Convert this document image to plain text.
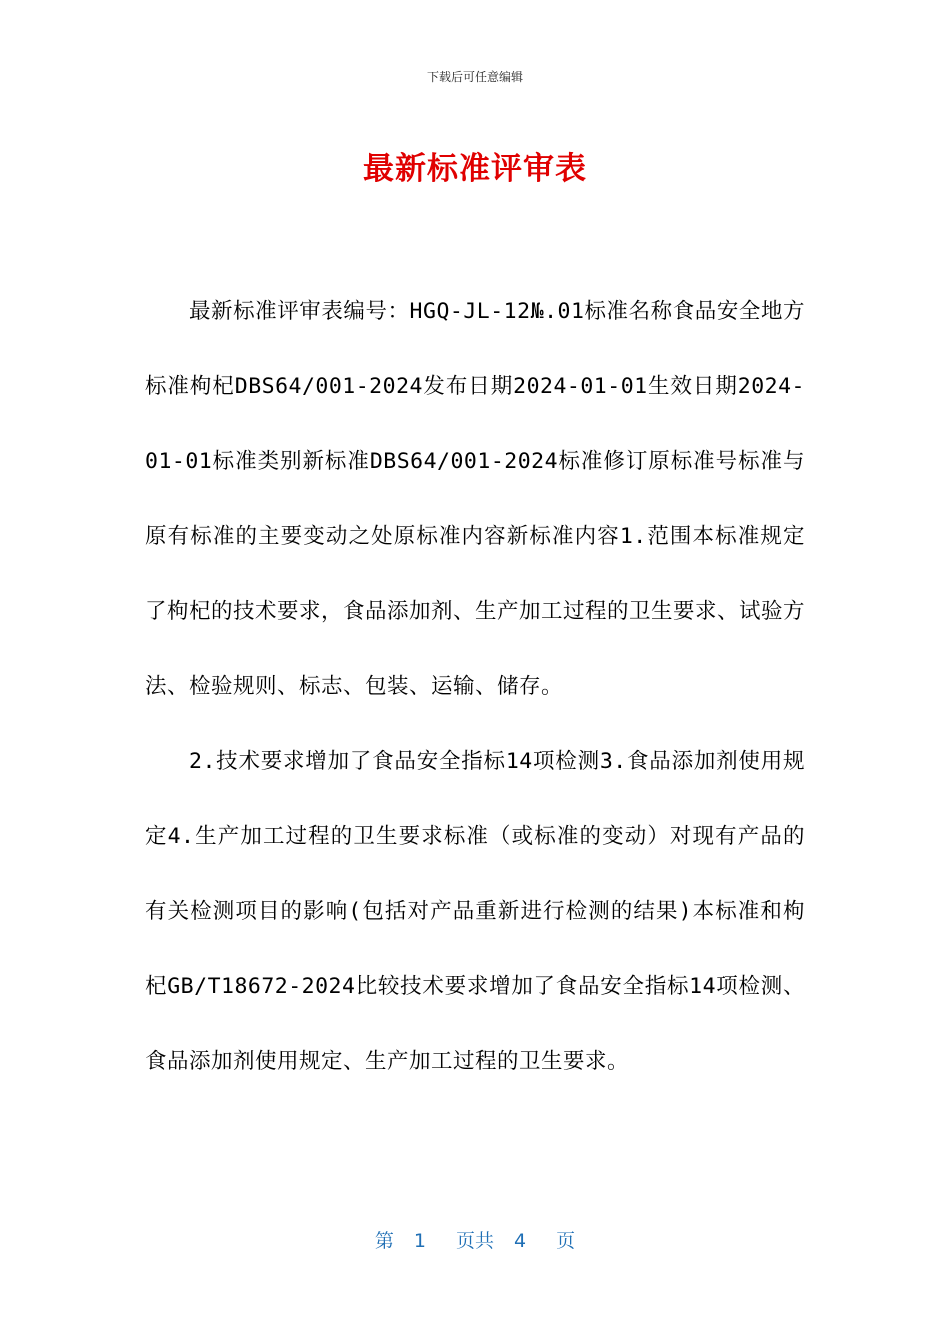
下载后可任意编辑
最新标准评审表

最新标准评审表编号：HGQ-JL-12№.01标准名称食品安全地方标准枸杞DBS64/001-2024发布日期2024-01-01生效日期2024-01-01标准类别新标准DBS64/001-2024标准修订原标准号标准与原有标准的主要变动之处原标准内容新标准内容1.范围本标准规定了枸杞的技术要求，食品添加剂、生产加工过程的卫生要求、试验方法、检验规则、标志、包装、运输、储存。

2.技术要求增加了食品安全指标14项检测3.食品添加剂使用规定4.生产加工过程的卫生要求标准（或标准的变动）对现有产品的有关检测项目的影响(包括对产品重新进行检测的结果)本标准和枸杞GB/T18672-2024比较技术要求增加了食品安全指标14项检测、食品添加剂使用规定、生产加工过程的卫生要求。

第 1 页共 4 页
